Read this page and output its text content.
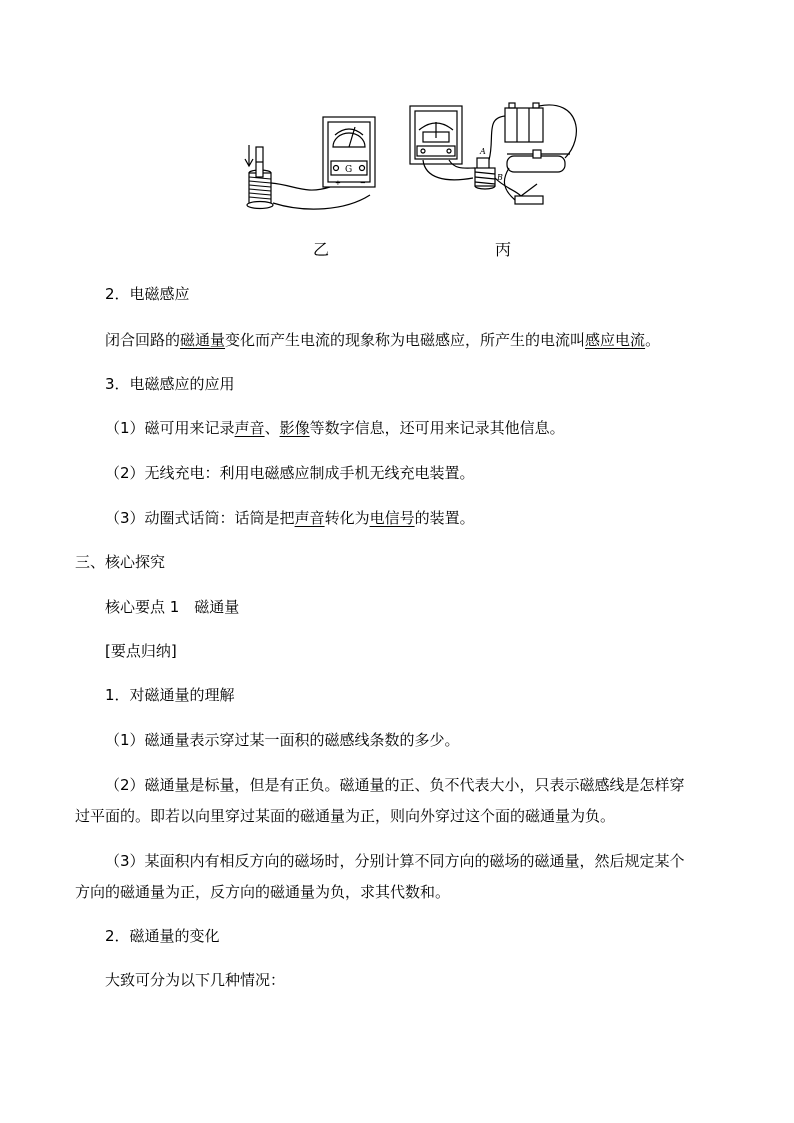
G
+	−
A
B
乙	丙
2．电磁感应
闭合回路的磁通量变化而产生电流的现象称为电磁感应，所产生的电流叫感应电流。
3．电磁感应的应用
（1）磁可用来记录声音、影像等数字信息，还可用来记录其他信息。
（2）无线充电：利用电磁感应制成手机无线充电装置。
（3）动圈式话筒：话筒是把声音转化为电信号的装置。
三、核心探究
核心要点 1　磁通量
[要点归纳]
1．对磁通量的理解
（1）磁通量表示穿过某一面积的磁感线条数的多少。
（2）磁通量是标量，但是有正负。磁通量的正、负不代表大小，只表示磁感线是怎样穿
过平面的。即若以向里穿过某面的磁通量为正，则向外穿过这个面的磁通量为负。
（3）某面积内有相反方向的磁场时，分别计算不同方向的磁场的磁通量，然后规定某个
方向的磁通量为正，反方向的磁通量为负，求其代数和。
2．磁通量的变化
大致可分为以下几种情况：
